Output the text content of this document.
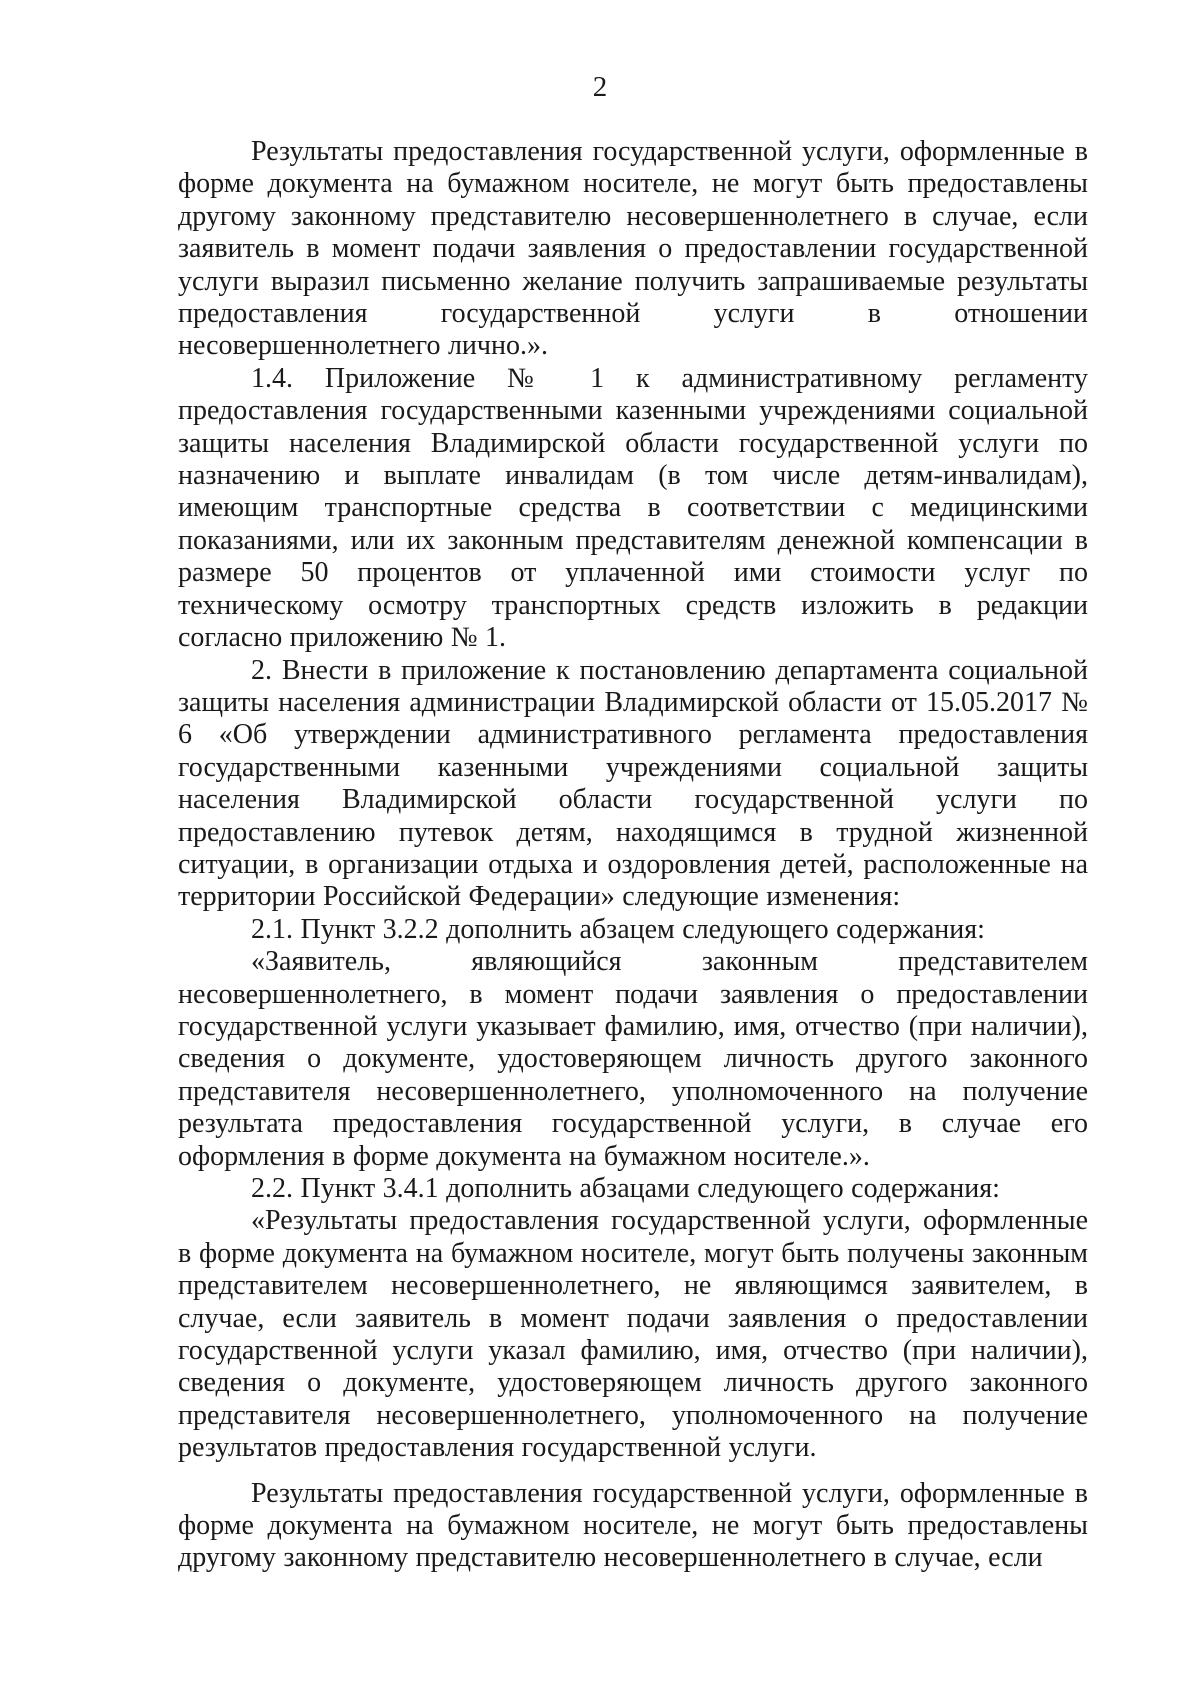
2

Результаты предоставления государственной услуги, оформленные в форме документа на бумажном носителе, не могут быть предоставлены другому законному представителю несовершеннолетнего в случае, если заявитель в момент подачи заявления о предоставлении государственной услуги выразил письменно желание получить запрашиваемые результаты предоставления государственной услуги в отношении несовершеннолетнего лично.».

1.4. Приложение № 1 к административному регламенту предоставления государственными казенными учреждениями социальной защиты населения Владимирской области государственной услуги по назначению и выплате инвалидам (в том числе детям-инвалидам), имеющим транспортные средства в соответствии с медицинскими показаниями, или их законным представителям денежной компенсации в размере 50 процентов от уплаченной ими стоимости услуг по техническому осмотру транспортных средств изложить в редакции согласно приложению № 1.

2. Внести в приложение к постановлению департамента социальной защиты населения администрации Владимирской области от 15.05.2017 № 6 «Об утверждении административного регламента предоставления государственными казенными учреждениями социальной защиты населения Владимирской области государственной услуги по предоставлению путевок детям, находящимся в трудной жизненной ситуации, в организации отдыха и оздоровления детей, расположенные на территории Российской Федерации» следующие изменения:

2.1. Пункт 3.2.2 дополнить абзацем следующего содержания:

«Заявитель, являющийся законным представителем несовершеннолетнего, в момент подачи заявления о предоставлении государственной услуги указывает фамилию, имя, отчество (при наличии), сведения о документе, удостоверяющем личность другого законного представителя несовершеннолетнего, уполномоченного на получение результата предоставления государственной услуги, в случае его оформления в форме документа на бумажном носителе.».

2.2. Пункт 3.4.1 дополнить абзацами следующего содержания:

«Результаты предоставления государственной услуги, оформленные в форме документа на бумажном носителе, могут быть получены законным представителем несовершеннолетнего, не являющимся заявителем, в случае, если заявитель в момент подачи заявления о предоставлении государственной услуги указал фамилию, имя, отчество (при наличии), сведения о документе, удостоверяющем личность другого законного представителя несовершеннолетнего, уполномоченного на получение результатов предоставления государственной услуги.

Результаты предоставления государственной услуги, оформленные в форме документа на бумажном носителе, не могут быть предоставлены другому законному представителю несовершеннолетнего в случае, если
